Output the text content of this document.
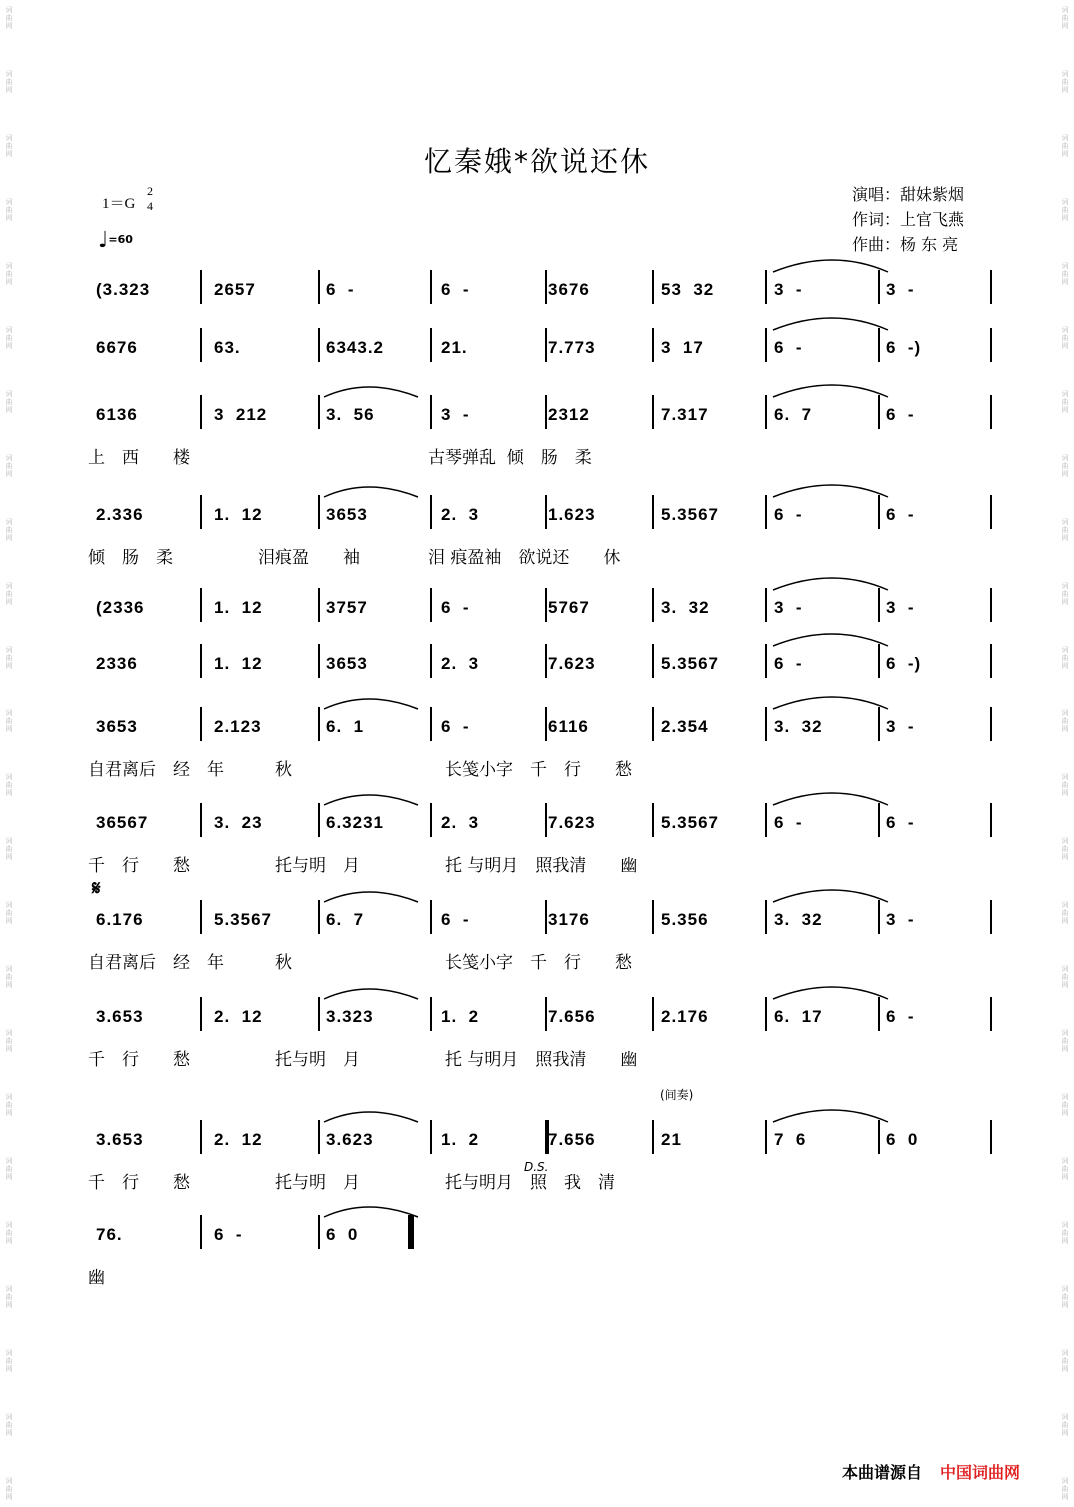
词曲网
词曲网
词曲网
词曲网
词曲网
词曲网
词曲网
词曲网
词曲网
词曲网
词曲网
词曲网
词曲网
词曲网
词曲网
词曲网
词曲网
词曲网
词曲网
词曲网
词曲网
词曲网
词曲网
词曲网
词曲网
词曲网
词曲网
词曲网
词曲网
词曲网
词曲网
词曲网
词曲网
词曲网
词曲网
词曲网
词曲网
词曲网
词曲网
词曲网
词曲网
词曲网
词曲网
词曲网
词曲网
词曲网
词曲网
词曲网
忆秦娥*欲说还休
演唱：甜妹紫烟
作词：上官飞燕
作曲：杨 东 亮
1＝G
2
4
♩=60
𝄋
(间奏)
D.S.
(3.323	2657	6  -	6  -	3676	53  32	3  -	3  -
6676	63.	6343.2	21.	7.773	3  17	6  -	6  -)
6136	3  212	3.  56	3  -	2312	7.317	6.  7	6  -
上　西　　楼　　　　　　　　　　　　　　古琴弹乱  倾　肠　柔
2.336	1.  12	3653	2.  3	1.623	5.3567	6  -	6  -
倾　肠　柔　　　　　泪痕盈　　袖　　　　泪 痕盈袖　欲说还　　休
(2336	1.  12	3757	6  -	5767	3.  32	3  -	3  -
2336	1.  12	3653	2.  3	7.623	5.3567	6  -	6  -)
3653	2.123	6.  1	6  -	6116	2.354	3.  32	3  -
自君离后　经　年　　　秋　　　　　　　　　长笺小字　千　行　　愁
36567	3.  23	6.3231	2.  3	7.623	5.3567	6  -	6  -
千　行　　愁　　　　　托与明　月　　　　　托 与明月　照我清　　幽
6.176	5.3567	6.  7	6  -	3176	5.356	3.  32	3  -
自君离后　经　年　　　秋　　　　　　　　　长笺小字　千　行　　愁
3.653	2.  12	3.323	1.  2	7.656	2.176	6.  17	6  -
千　行　　愁　　　　　托与明　月　　　　　托 与明月　照我清　　幽
3.653	2.  12	3.623	1.  2	7.656	21	7  6	6  0
千　行　　愁　　　　　托与明　月　　　　　托与明月　照　我　清
76.	6  -	6  0
幽
本曲谱源自 中国词曲网
